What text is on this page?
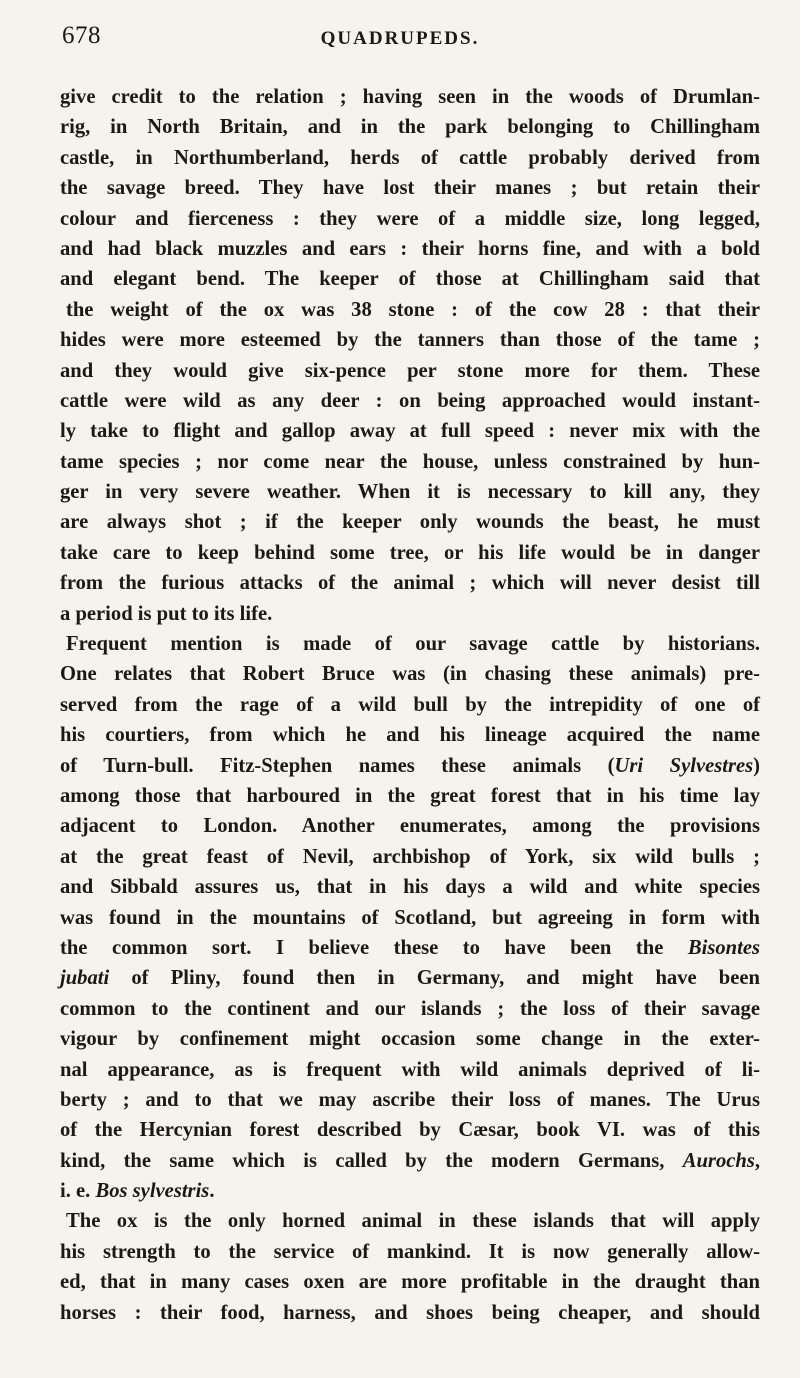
678	QUADRUPEDS.
give credit to the relation ; having seen in the woods of Drumlan-
rig, in North Britain, and in the park belonging to Chillingham
castle, in Northumberland, herds of cattle probably derived from
the savage breed. They have lost their manes ; but retain their
colour and fierceness : they were of a middle size, long legged,
and had black muzzles and ears : their horns fine, and with a bold
and elegant bend. The keeper of those at Chillingham said that
the weight of the ox was 38 stone : of the cow 28 : that their
hides were more esteemed by the tanners than those of the tame ;
and they would give six-pence per stone more for them. These
cattle were wild as any deer : on being approached would instant-
ly take to flight and gallop away at full speed : never mix with the
tame species ; nor come near the house, unless constrained by hun-
ger in very severe weather. When it is necessary to kill any, they
are always shot ; if the keeper only wounds the beast, he must
take care to keep behind some tree, or his life would be in danger
from the furious attacks of the animal ; which will never desist till
a period is put to its life.
Frequent mention is made of our savage cattle by historians.
One relates that Robert Bruce was (in chasing these animals) pre-
served from the rage of a wild bull by the intrepidity of one of
his courtiers, from which he and his lineage acquired the name
of Turn-bull. Fitz-Stephen names these animals (Uri Sylvestres)
among those that harboured in the great forest that in his time lay
adjacent to London. Another enumerates, among the provisions
at the great feast of Nevil, archbishop of York, six wild bulls ;
and Sibbald assures us, that in his days a wild and white species
was found in the mountains of Scotland, but agreeing in form with
the common sort. I believe these to have been the Bisontes
jubati of Pliny, found then in Germany, and might have been
common to the continent and our islands ; the loss of their savage
vigour by confinement might occasion some change in the exter-
nal appearance, as is frequent with wild animals deprived of li-
berty ; and to that we may ascribe their loss of manes. The Urus
of the Hercynian forest described by Cæsar, book VI. was of this
kind, the same which is called by the modern Germans, Aurochs,
i. e. Bos sylvestris.
The ox is the only horned animal in these islands that will apply
his strength to the service of mankind. It is now generally allow-
ed, that in many cases oxen are more profitable in the draught than
horses : their food, harness, and shoes being cheaper, and should
